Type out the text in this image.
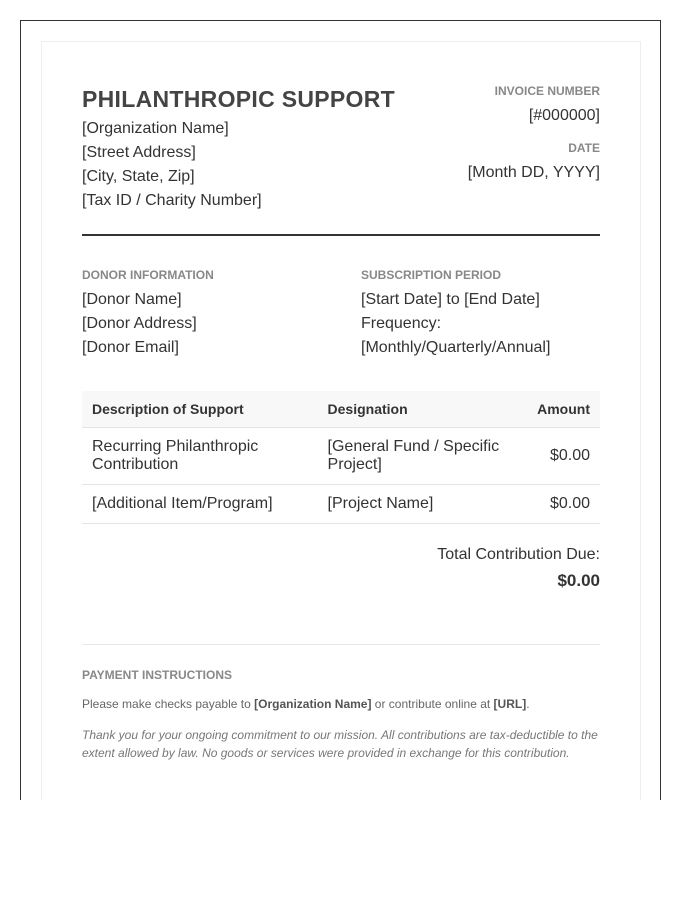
PHILANTHROPIC SUPPORT
[Organization Name]
[Street Address]
[City, State, Zip]
[Tax ID / Charity Number]
INVOICE NUMBER
[#000000]
DATE
[Month DD, YYYY]
DONOR INFORMATION
[Donor Name]
[Donor Address]
[Donor Email]
SUBSCRIPTION PERIOD
[Start Date] to [End Date]
Frequency:
[Monthly/Quarterly/Annual]
Description of Support	Designation	Amount
Recurring Philanthropic Contribution	[General Fund / Specific Project]	$0.00
[Additional Item/Program]	[Project Name]	$0.00
Total Contribution Due:
$0.00
PAYMENT INSTRUCTIONS
Please make checks payable to [Organization Name] or contribute online at [URL].
Thank you for your ongoing commitment to our mission. All contributions are tax-deductible to the extent allowed by law. No goods or services were provided in exchange for this contribution.
